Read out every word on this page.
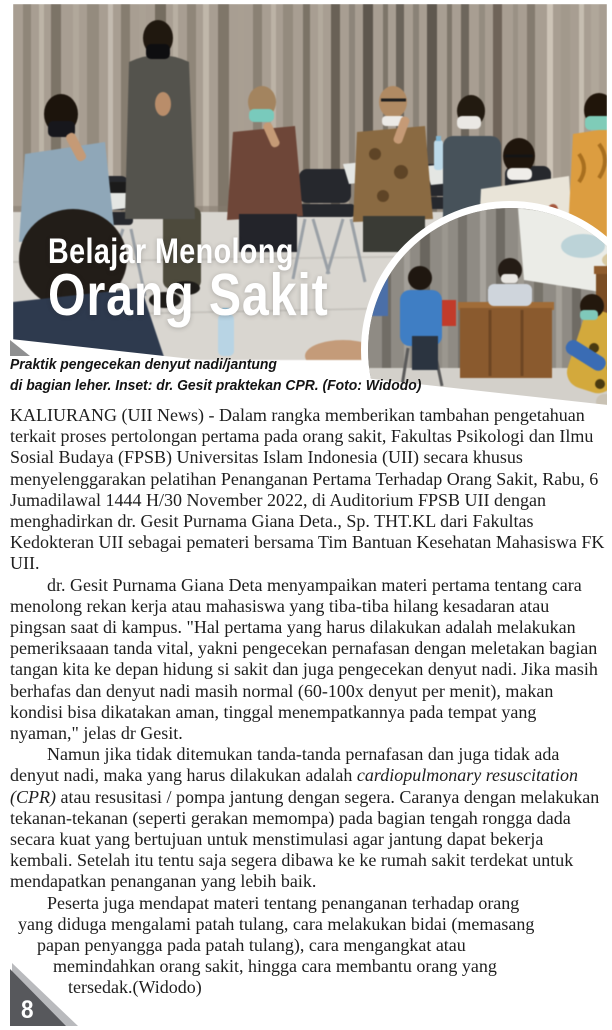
Belajar Menolong
Orang Sakit
Praktik pengecekan denyut nadi/jantung
di bagian leher. Inset: dr. Gesit praktekan CPR. (Foto: Widodo)

KALIURANG (UII News) - Dalam rangka memberikan tambahan pengetahuan terkait proses pertolongan pertama pada orang sakit, Fakultas Psikologi dan Ilmu Sosial Budaya (FPSB) Universitas Islam Indonesia (UII) secara khusus menyelenggarakan pelatihan Penanganan Pertama Terhadap Orang Sakit, Rabu, 6 Jumadilawal 1444 H/30 November 2022, di Auditorium FPSB UII dengan menghadirkan dr. Gesit Purnama Giana Deta., Sp. THT.KL dari Fakultas Kedokteran UII sebagai pemateri bersama Tim Bantuan Kesehatan Mahasiswa FK UII.

dr. Gesit Purnama Giana Deta menyampaikan materi pertama tentang cara menolong rekan kerja atau mahasiswa yang tiba-tiba hilang kesadaran atau pingsan saat di kampus. "Hal pertama yang harus dilakukan adalah melakukan pemeriksaaan tanda vital, yakni pengecekan pernafasan dengan meletakan bagian tangan kita ke depan hidung si sakit dan juga pengecekan denyut nadi. Jika masih berhafas dan denyut nadi masih normal (60-100x denyut per menit), makan kondisi bisa dikatakan aman, tinggal menempatkannya pada tempat yang nyaman," jelas dr Gesit.

Namun jika tidak ditemukan tanda-tanda pernafasan dan juga tidak ada denyut nadi, maka yang harus dilakukan adalah cardiopulmonary resuscitation (CPR) atau resusitasi / pompa jantung dengan segera. Caranya dengan melakukan tekanan-tekanan (seperti gerakan memompa) pada bagian tengah rongga dada secara kuat yang bertujuan untuk menstimulasi agar jantung dapat bekerja kembali. Setelah itu tentu saja segera dibawa ke ke rumah sakit terdekat untuk mendapatkan penanganan yang lebih baik.

Peserta juga mendapat materi tentang penanganan terhadap orang
yang diduga mengalami patah tulang, cara melakukan bidai (memasang
papan penyangga pada patah tulang), cara mengangkat atau
memindahkan orang sakit, hingga cara membantu orang yang
tersedak.(Widodo)
8
